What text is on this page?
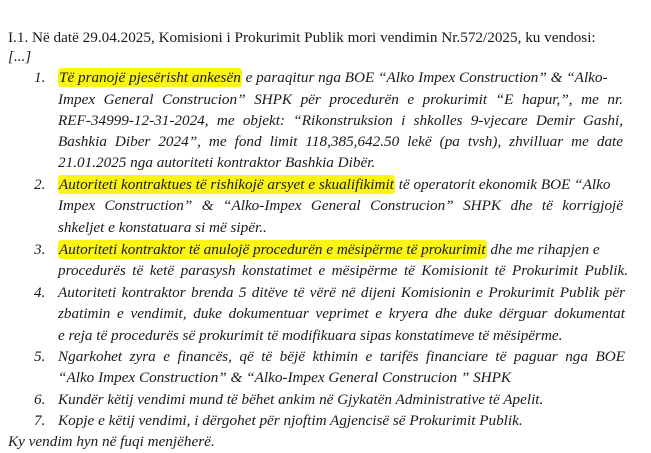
I.1. Në datë 29.04.2025, Komisioni i Prokurimit Publik mori vendimin Nr.572/2025, ku vendosi:
[...]
1. Të pranojë pjesërisht ankesën e paraqitur nga BOE “Alko Impex Construction” & “Alko-
Impex General Construcion” SHPK për procedurën e prokurimit “E hapur,”, me nr.
REF-34999-12-31-2024, me objekt: “Rikonstruksion i shkolles 9-vjecare Demir Gashi,
Bashkia Diber 2024”, me fond limit 118,385,642.50 lekë (pa tvsh), zhvilluar me date
21.01.2025 nga autoriteti kontraktor Bashkia Dibër.
2. Autoriteti kontraktues të rishikojë arsyet e skualifikimit të operatorit ekonomik BOE “Alko
Impex Construction” & “Alko-Impex General Construcion” SHPK dhe të korrigjojë
shkeljet e konstatuara si më sipër..
3. Autoriteti kontraktor të anulojë procedurën e mësipërme të prokurimit dhe me rihapjen e
procedurës të ketë parasysh konstatimet e mësipërme të Komisionit të Prokurimit Publik.
4. Autoriteti kontraktor brenda 5 ditëve të vërë në dijeni Komisionin e Prokurimit Publik për
zbatimin e vendimit, duke dokumentuar veprimet e kryera dhe duke dërguar dokumentat
e reja të procedurës së prokurimit të modifikuara sipas konstatimeve të mësipërme.
5. Ngarkohet zyra e financës, që të bëjë kthimin e tarifës financiare të paguar nga BOE
“Alko Impex Construction” & “Alko-Impex General Construcion ” SHPK
6. Kundër këtij vendimi mund të bëhet ankim në Gjykatën Administrative të Apelit.
7. Kopje e këtij vendimi, i dërgohet për njoftim Agjencisë së Prokurimit Publik.
Ky vendim hyn në fuqi menjëherë.
